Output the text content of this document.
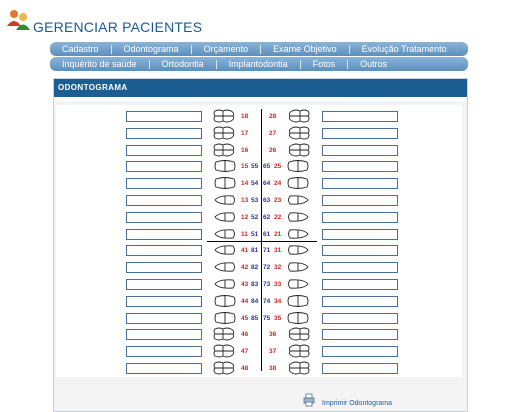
GERENCIAR PACIENTES
Cadastro	Odontograma	Orçamento	Exame Objetivo	Evolução Tratamento
Inquérito de saúde	Ortodontia	Implantodontia	Fotos	Outros
ODONTOGRAMA
18	28
17	27
16	26
15 55 65 25
14 54 64 24
13 53 63 23
12 52 62 22
11 51 61 21
41 81 71 31
42 82 72 32
43 83 73 33
44 84 74 34
45 85 75 35
46	36
47	37
48	38
Imprimir Odontograma
